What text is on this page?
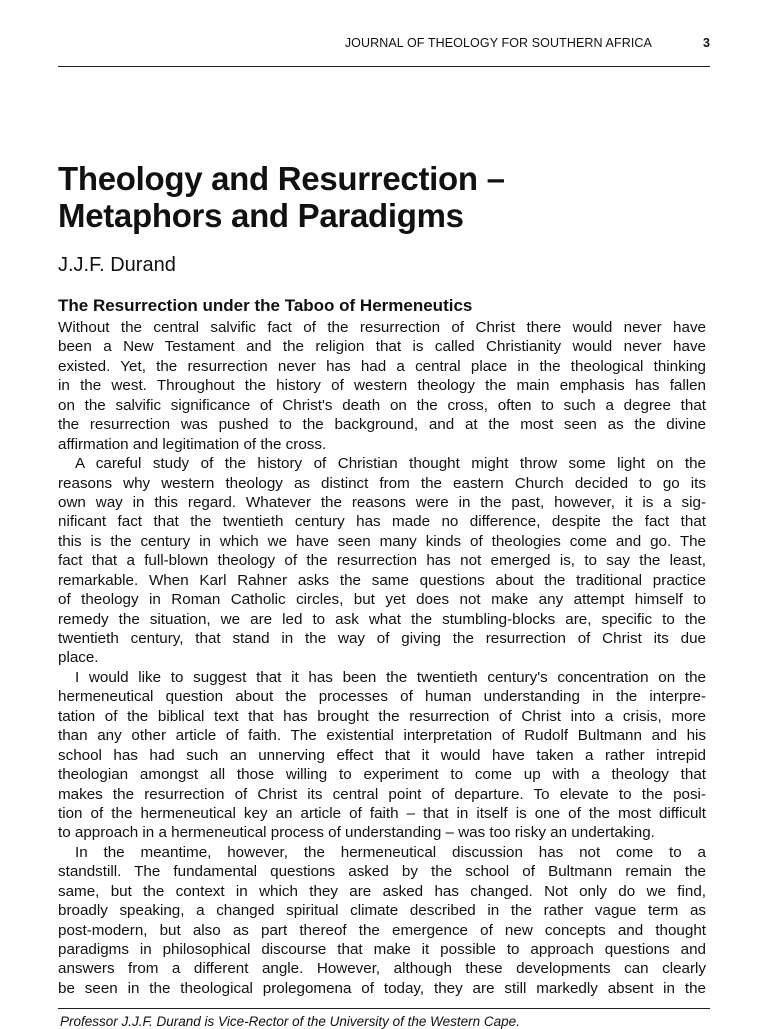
JOURNAL OF THEOLOGY FOR SOUTHERN AFRICA	3
Theology and Resurrection –
Metaphors and Paradigms
J.J.F. Durand
The Resurrection under the Taboo of Hermeneutics
Without the central salvific fact of the resurrection of Christ there would never have
been a New Testament and the religion that is called Christianity would never have
existed. Yet, the resurrection never has had a central place in the theological thinking
in the west. Throughout the history of western theology the main emphasis has fallen
on the salvific significance of Christ's death on the cross, often to such a degree that
the resurrection was pushed to the background, and at the most seen as the divine
affirmation and legitimation of the cross.
A careful study of the history of Christian thought might throw some light on the
reasons why western theology as distinct from the eastern Church decided to go its
own way in this regard. Whatever the reasons were in the past, however, it is a sig-
nificant fact that the twentieth century has made no difference, despite the fact that
this is the century in which we have seen many kinds of theologies come and go. The
fact that a full-blown theology of the resurrection has not emerged is, to say the least,
remarkable. When Karl Rahner asks the same questions about the traditional practice
of theology in Roman Catholic circles, but yet does not make any attempt himself to
remedy the situation, we are led to ask what the stumbling-blocks are, specific to the
twentieth century, that stand in the way of giving the resurrection of Christ its due
place.
I would like to suggest that it has been the twentieth century's concentration on the
hermeneutical question about the processes of human understanding in the interpre-
tation of the biblical text that has brought the resurrection of Christ into a crisis, more
than any other article of faith. The existential interpretation of Rudolf Bultmann and his
school has had such an unnerving effect that it would have taken a rather intrepid
theologian amongst all those willing to experiment to come up with a theology that
makes the resurrection of Christ its central point of departure. To elevate to the posi-
tion of the hermeneutical key an article of faith – that in itself is one of the most difficult
to approach in a hermeneutical process of understanding – was too risky an undertaking.
In the meantime, however, the hermeneutical discussion has not come to a
standstill. The fundamental questions asked by the school of Bultmann remain the
same, but the context in which they are asked has changed. Not only do we find,
broadly speaking, a changed spiritual climate described in the rather vague term as
post-modern, but also as part thereof the emergence of new concepts and thought
paradigms in philosophical discourse that make it possible to approach questions and
answers from a different angle. However, although these developments can clearly
be seen in the theological prolegomena of today, they are still markedly absent in the
Professor J.J.F. Durand is Vice-Rector of the University of the Western Cape.
